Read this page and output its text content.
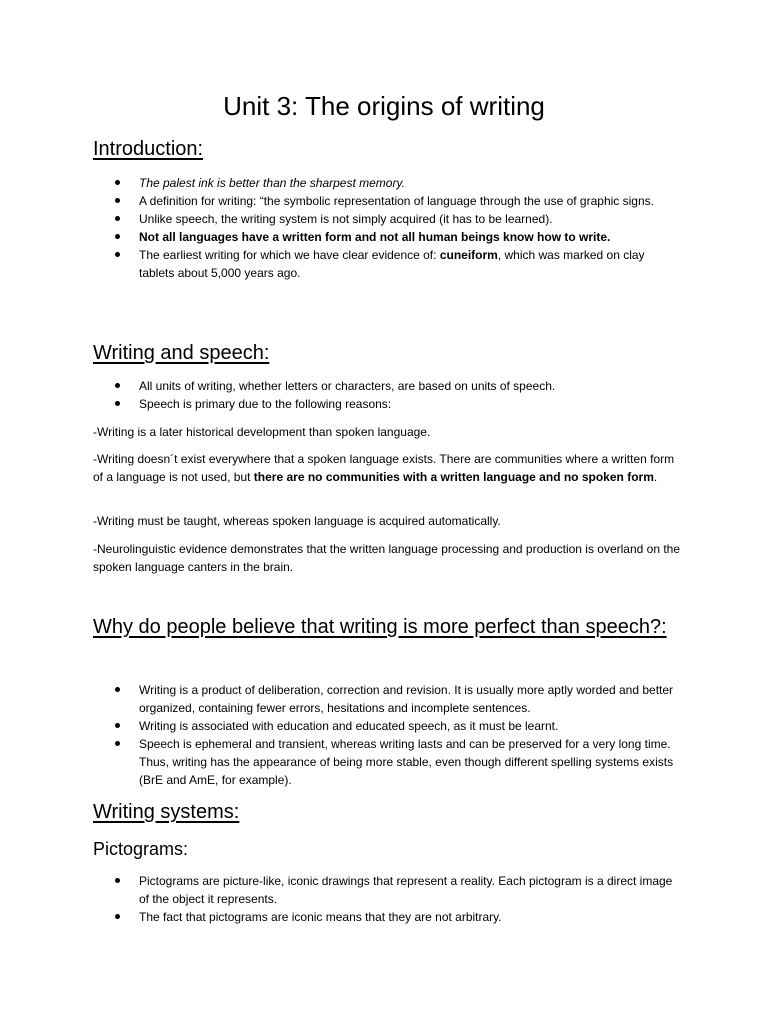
Unit 3: The origins of writing
Introduction:
The palest ink is better than the sharpest memory.
A definition for writing: “the symbolic representation of language through the use of graphic signs.
Unlike speech, the writing system is not simply acquired (it has to be learned).
Not all languages have a written form and not all human beings know how to write.
The earliest writing for which we have clear evidence of: cuneiform, which was marked on clay tablets about 5,000 years ago.
Writing and speech:
All units of writing, whether letters or characters, are based on units of speech.
Speech is primary due to the following reasons:

-Writing is a later historical development than spoken language.

-Writing doesn´t exist everywhere that a spoken language exists. There are communities where a written form of a language is not used, but there are no communities with a written language and no spoken form.

-Writing must be taught, whereas spoken language is acquired automatically.

-Neurolinguistic evidence demonstrates that the written language processing and production is overland on the spoken language canters in the brain.

Why do people believe that writing is more perfect than speech?:
Writing is a product of deliberation, correction and revision. It is usually more aptly worded and better organized, containing fewer errors, hesitations and incomplete sentences.
Writing is associated with education and educated speech, as it must be learnt.
Speech is ephemeral and transient, whereas writing lasts and can be preserved for a very long time. Thus, writing has the appearance of being more stable, even though different spelling systems exists (BrE and AmE, for example).
Writing systems:
Pictograms:
Pictograms are picture-like, iconic drawings that represent a reality. Each pictogram is a direct image of the object it represents.
The fact that pictograms are iconic means that they are not arbitrary.
